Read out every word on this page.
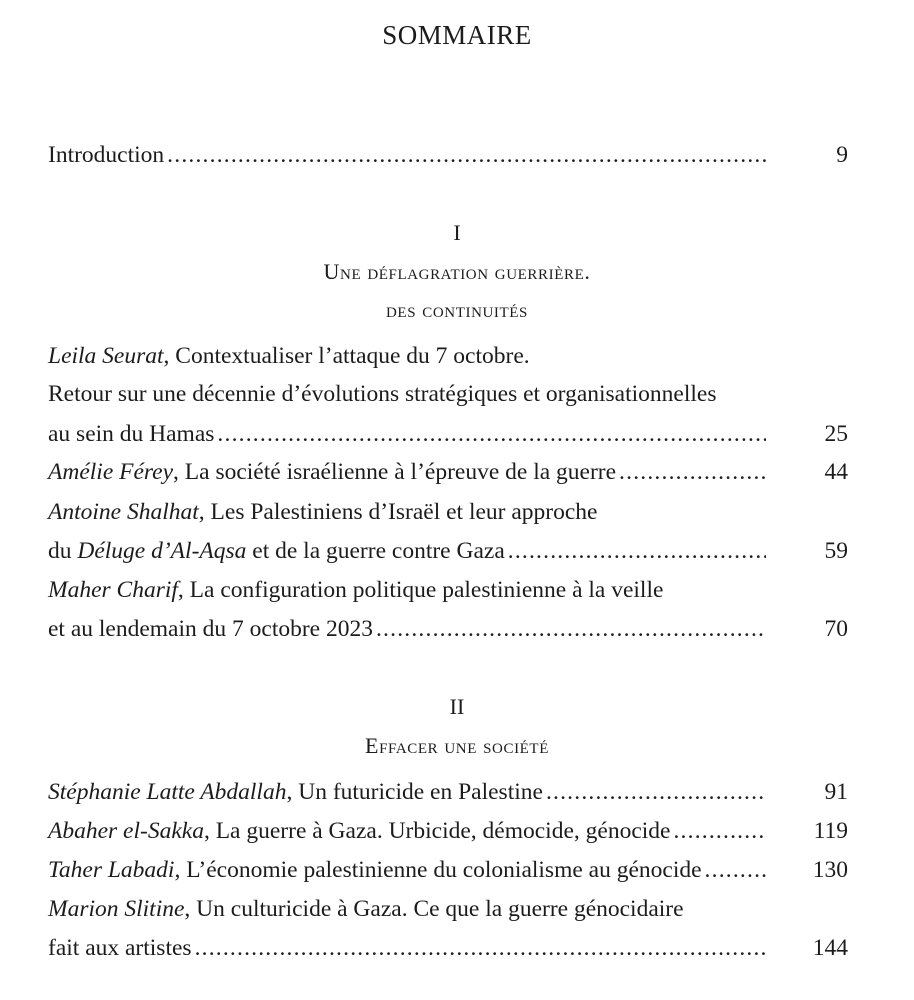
SOMMAIRE
Introduction .....	9
I
Une déflagration guerrière.
des continuités
Leila Seurat, Contextualiser l’attaque du 7 octobre.
Retour sur une décennie d’évolutions stratégiques et organisationnelles
au sein du Hamas .....	25
Amélie Férey, La société israélienne à l’épreuve de la guerre .....	44
Antoine Shalhat, Les Palestiniens d’Israël et leur approche
du Déluge d’Al-Aqsa et de la guerre contre Gaza .....	59
Maher Charif, La configuration politique palestinienne à la veille
et au lendemain du 7 octobre 2023 .....	70
II
Effacer une société
Stéphanie Latte Abdallah, Un futuricide en Palestine .....	91
Abaher el-Sakka, La guerre à Gaza. Urbicide, démocide, génocide .....	119
Taher Labadi, L’économie palestinienne du colonialisme au génocide .....	130
Marion Slitine, Un culturicide à Gaza. Ce que la guerre génocidaire
fait aux artistes .....	144
